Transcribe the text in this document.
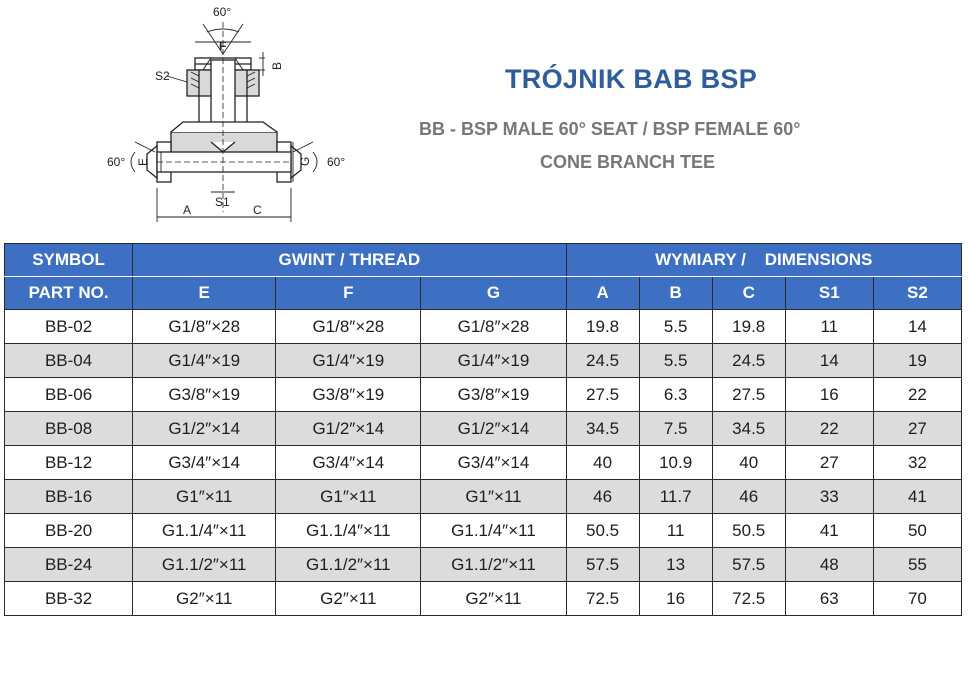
60°
F
S2
B
60° E	G 60°
A
S1
C
TRÓJNIK BAB BSP
BB - BSP MALE 60° SEAT / BSP FEMALE 60°
CONE BRANCH TEE
SYMBOL	GWINT / THREAD			WYMIARY /    DIMENSIONS				
PART NO.	E	F	G	A	B	C	S1	S2
BB-02	G1/8″×28	G1/8″×28	G1/8″×28	19.8	5.5	19.8	11	14
BB-04	G1/4″×19	G1/4″×19	G1/4″×19	24.5	5.5	24.5	14	19
BB-06	G3/8″×19	G3/8″×19	G3/8″×19	27.5	6.3	27.5	16	22
BB-08	G1/2″×14	G1/2″×14	G1/2″×14	34.5	7.5	34.5	22	27
BB-12	G3/4″×14	G3/4″×14	G3/4″×14	40	10.9	40	27	32
BB-16	G1″×11	G1″×11	G1″×11	46	11.7	46	33	41
BB-20	G1.1/4″×11	G1.1/4″×11	G1.1/4″×11	50.5	11	50.5	41	50
BB-24	G1.1/2″×11	G1.1/2″×11	G1.1/2″×11	57.5	13	57.5	48	55
BB-32	G2″×11	G2″×11	G2″×11	72.5	16	72.5	63	70
